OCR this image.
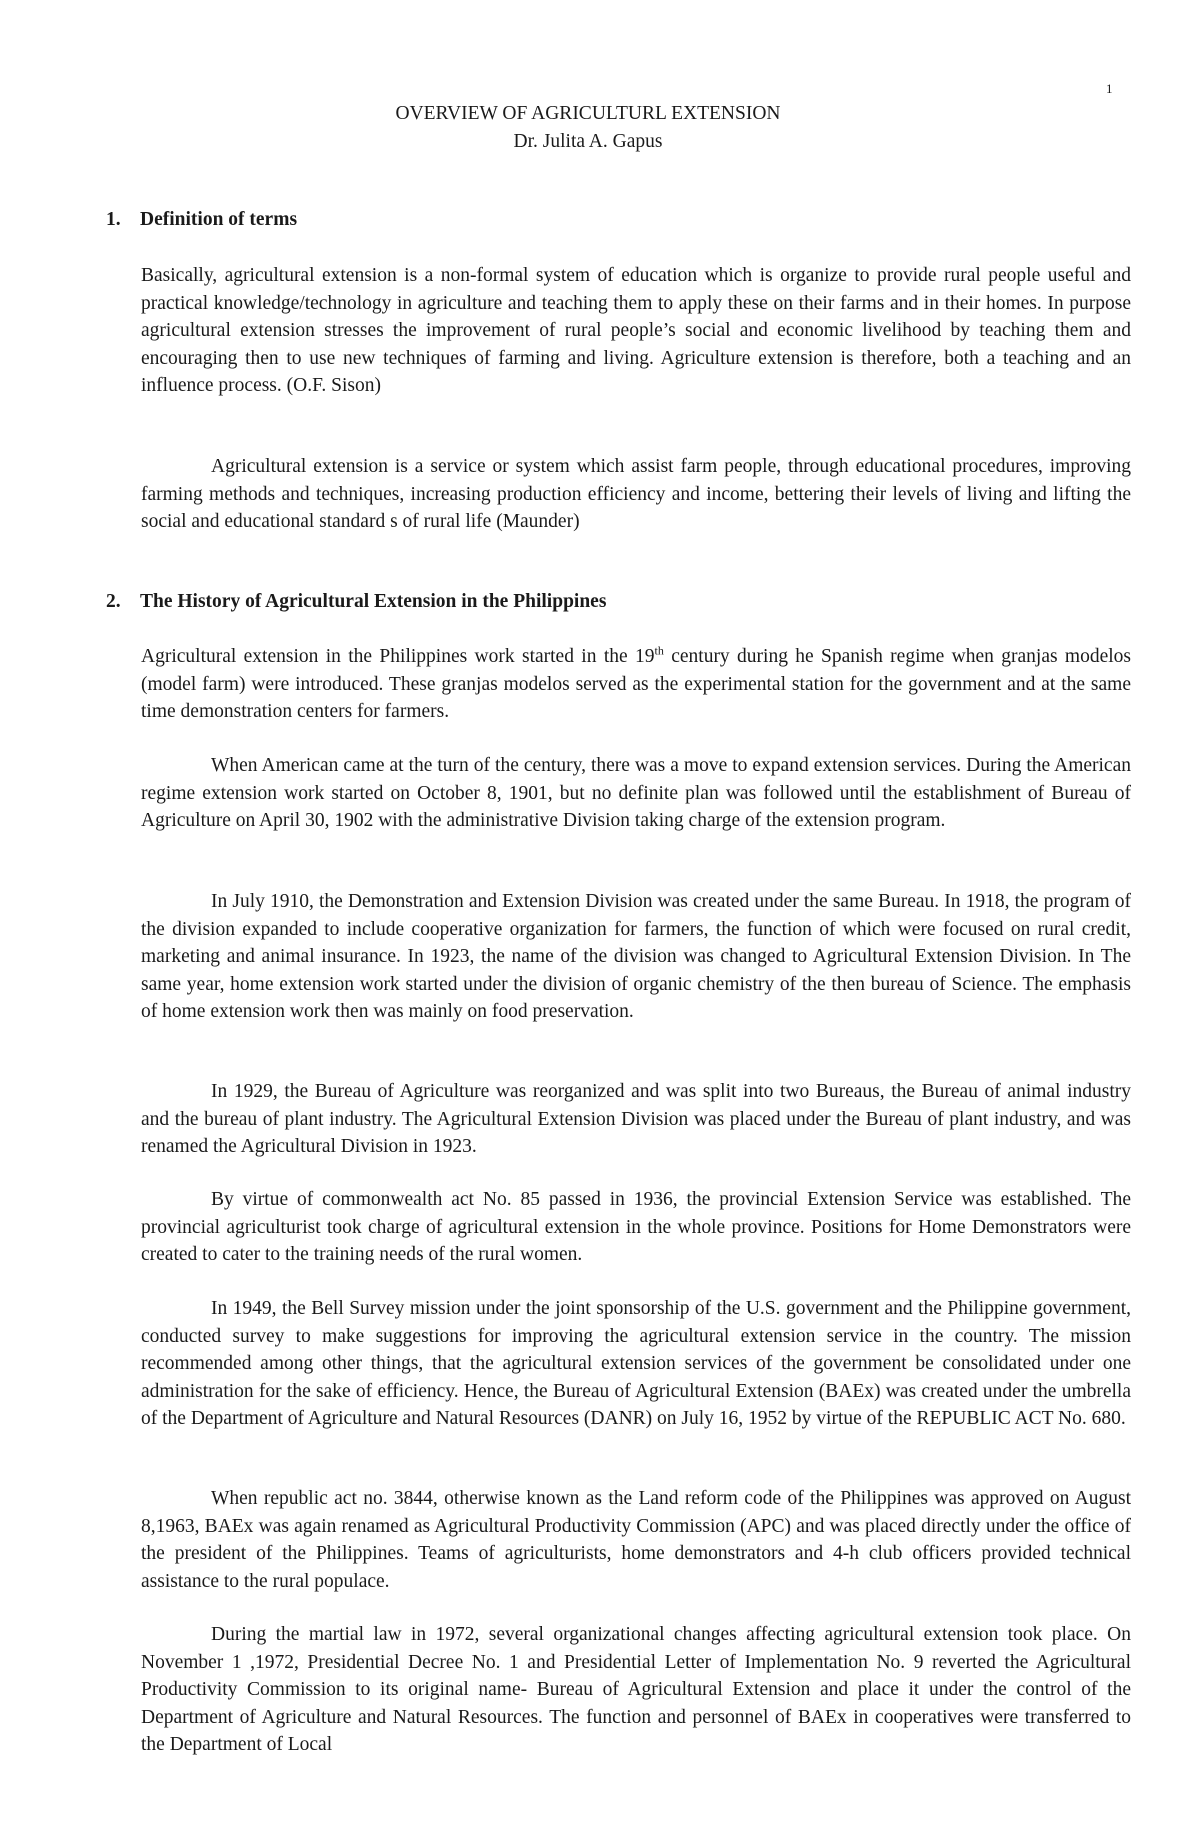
1
OVERVIEW OF AGRICULTURL EXTENSION
Dr. Julita A. Gapus
1. Definition of terms

Basically, agricultural extension is a non-formal system of education which is organize to provide rural people useful and practical knowledge/technology in agriculture and teaching them to apply these on their farms and in their homes. In purpose agricultural extension stresses the improvement of rural people’s social and economic livelihood by teaching them and encouraging then to use new techniques of farming and living. Agriculture extension is therefore, both a teaching and an influence process. (O.F. Sison)

Agricultural extension is a service or system which assist farm people, through educational procedures, improving farming methods and techniques, increasing production efficiency and income, bettering their levels of living and lifting the social and educational standard s of rural life (Maunder)

2. The History of Agricultural Extension in the Philippines

Agricultural extension in the Philippines work started in the 19th century during he Spanish regime when granjas modelos (model farm) were introduced. These granjas modelos served as the experimental station for the government and at the same time demonstration centers for farmers.

When American came at the turn of the century, there was a move to expand extension services. During the American regime extension work started on October 8, 1901, but no definite plan was followed until the establishment of Bureau of Agriculture on April 30, 1902 with the administrative Division taking charge of the extension program.

In July 1910, the Demonstration and Extension Division was created under the same Bureau. In 1918, the program of the division expanded to include cooperative organization for farmers, the function of which were focused on rural credit, marketing and animal insurance. In 1923, the name of the division was changed to Agricultural Extension Division. In The same year, home extension work started under the division of organic chemistry of the then bureau of Science. The emphasis of home extension work then was mainly on food preservation.

In 1929, the Bureau of Agriculture was reorganized and was split into two Bureaus, the Bureau of animal industry and the bureau of plant industry. The Agricultural Extension Division was placed under the Bureau of plant industry, and was renamed the Agricultural Division in 1923.

By virtue of commonwealth act No. 85 passed in 1936, the provincial Extension Service was established. The provincial agriculturist took charge of agricultural extension in the whole province. Positions for Home Demonstrators were created to cater to the training needs of the rural women.

In 1949, the Bell Survey mission under the joint sponsorship of the U.S. government and the Philippine government, conducted survey to make suggestions for improving the agricultural extension service in the country. The mission recommended among other things, that the agricultural extension services of the government be consolidated under one administration for the sake of efficiency. Hence, the Bureau of Agricultural Extension (BAEx) was created under the umbrella of the Department of Agriculture and Natural Resources (DANR) on July 16, 1952 by virtue of the REPUBLIC ACT No. 680.

When republic act no. 3844, otherwise known as the Land reform code of the Philippines was approved on August 8,1963, BAEx was again renamed as Agricultural Productivity Commission (APC) and was placed directly under the office of the president of the Philippines. Teams of agriculturists, home demonstrators and 4-h club officers provided technical assistance to the rural populace.

During the martial law in 1972, several organizational changes affecting agricultural extension took place. On November 1 ,1972, Presidential Decree No. 1 and Presidential Letter of Implementation No. 9 reverted the Agricultural Productivity Commission to its original name- Bureau of Agricultural Extension and place it under the control of the Department of Agriculture and Natural Resources. The function and personnel of BAEx in cooperatives were transferred to the Department of Local
